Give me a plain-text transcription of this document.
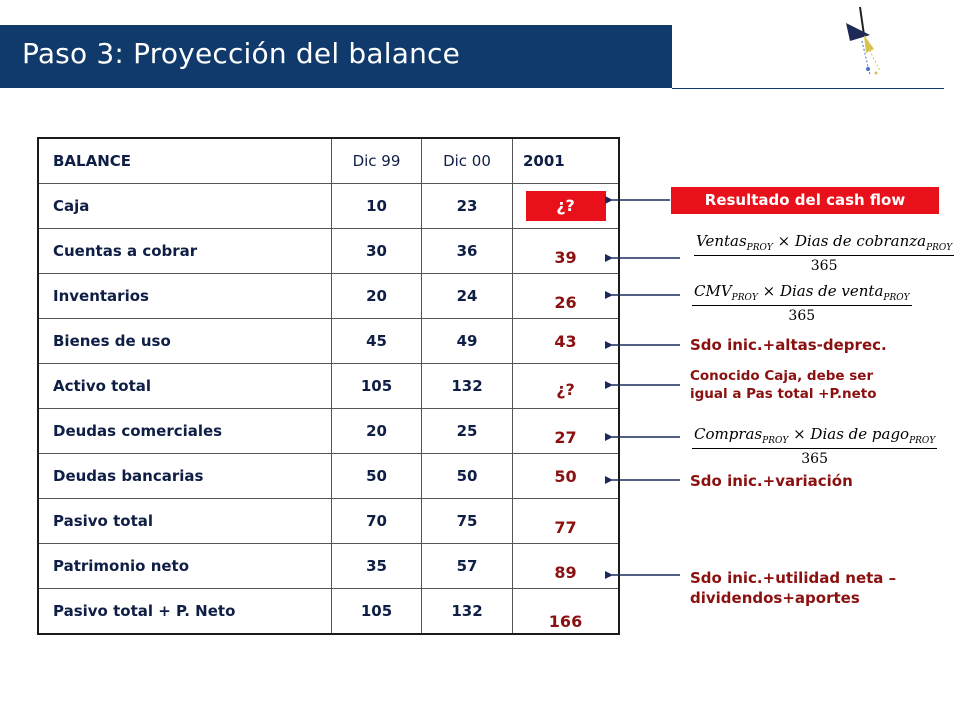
Paso 3: Proyección del balance
BALANCE	Dic 99	Dic 00	2001
Caja	10	23	¿?
Cuentas a cobrar	30	36	39
Inventarios	20	24	26
Bienes de uso	45	49	43
Activo total	105	132	¿?
Deudas comerciales	20	25	27
Deudas bancarias	50	50	50
Pasivo total	70	75	77
Patrimonio neto	35	57	89
Pasivo total + P. Neto	105	132	166
Resultado del cash flow
Ventas$_{PROY}$ × Dias de cobranza$_{PROY}$
365
$CMV_{PROY}$ × Dias de venta$_{PROY}$
365
Sdo inic.+altas-deprec.
Conocido Caja, debe ser
igual a Pas total +P.neto
Compras$_{PROY}$ × Dias de pago$_{PROY}$
365
Sdo inic.+variación
Sdo inic.+utilidad neta –
dividendos+aportes
